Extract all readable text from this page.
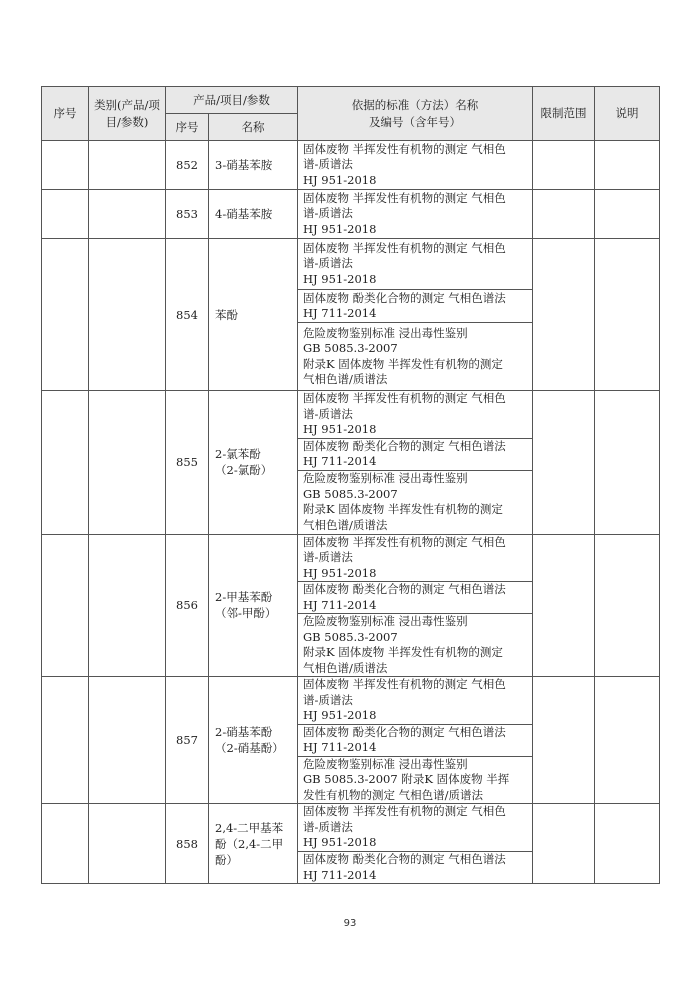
序号	类别(产品/项目/参数)	产品/项目/参数		依据的标准（方法）名称
及编号（含年号）	限制范围	说明
		序号	名称			
		852	3-硝基苯胺	固体废物 半挥发性有机物的测定 气相色
谱-质谱法
HJ 951-2018		

		853	4-硝基苯胺	固体废物 半挥发性有机物的测定 气相色
谱-质谱法
HJ 951-2018		

		854	苯酚	固体废物 半挥发性有机物的测定 气相色
谱-质谱法
HJ 951-2018		

				固体废物 酚类化合物的测定 气相色谱法
HJ 711-2014		

				危险废物鉴别标准 浸出毒性鉴别
GB 5085.3-2007
附录K 固体废物 半挥发性有机物的测定
气相色谱/质谱法		

		855	2-氯苯酚
（2-氯酚）	固体废物 半挥发性有机物的测定 气相色
谱-质谱法
HJ 951-2018		

				固体废物 酚类化合物的测定 气相色谱法
HJ 711-2014		

				危险废物鉴别标准 浸出毒性鉴别
GB 5085.3-2007
附录K 固体废物 半挥发性有机物的测定
气相色谱/质谱法		

		856	2-甲基苯酚
（邻-甲酚）	固体废物 半挥发性有机物的测定 气相色
谱-质谱法
HJ 951-2018		

				固体废物 酚类化合物的测定 气相色谱法
HJ 711-2014		

				危险废物鉴别标准 浸出毒性鉴别
GB 5085.3-2007
附录K 固体废物 半挥发性有机物的测定
气相色谱/质谱法		

		857	2-硝基苯酚
（2-硝基酚）	固体废物 半挥发性有机物的测定 气相色
谱-质谱法
HJ 951-2018		

				固体废物 酚类化合物的测定 气相色谱法
HJ 711-2014		

				危险废物鉴别标准 浸出毒性鉴别
GB 5085.3-2007 附录K 固体废物 半挥
发性有机物的测定 气相色谱/质谱法		

		858	2,4-二甲基苯
酚（2,4-二甲
酚）	固体废物 半挥发性有机物的测定 气相色
谱-质谱法
HJ 951-2018		

				固体废物 酚类化合物的测定 气相色谱法
HJ 711-2014		
93
